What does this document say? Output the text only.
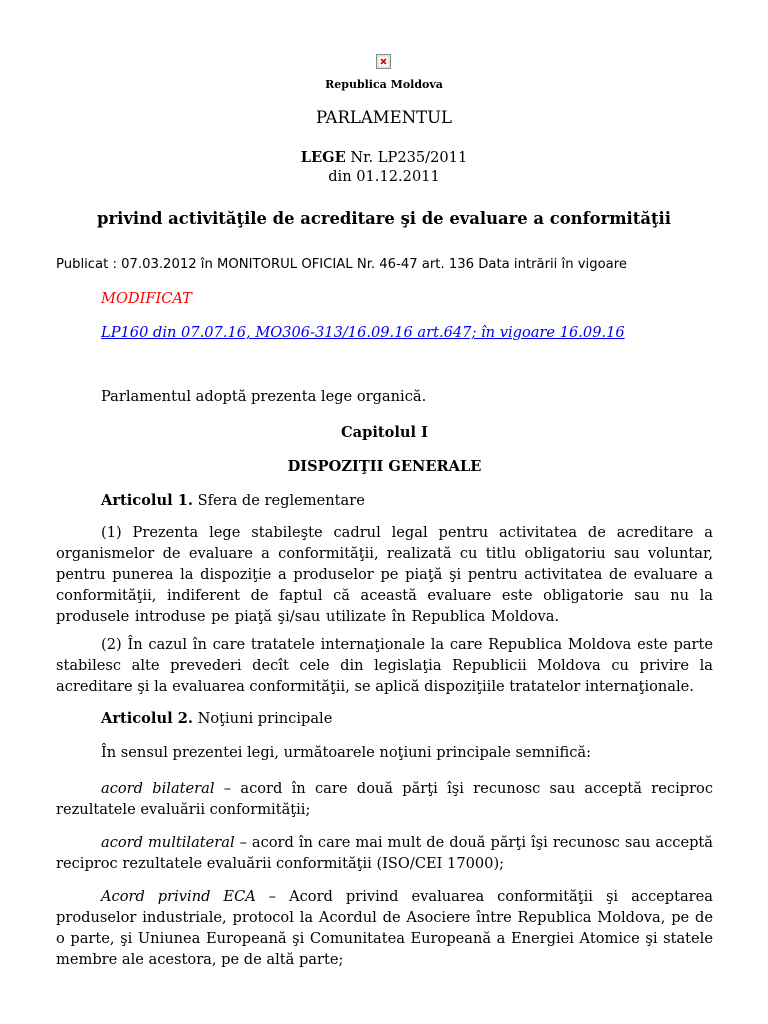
Republica Moldova
PARLAMENTUL
LEGE Nr. LP235/2011
din 01.12.2011
privind activităţile de acreditare şi de evaluare a conformităţii
Publicat : 07.03.2012 în MONITORUL OFICIAL Nr. 46-47 art. 136 Data intrării în vigoare
MODIFICAT
LP160 din 07.07.16, MO306-313/16.09.16 art.647; în vigoare 16.09.16
Parlamentul adoptă prezenta lege organică.
Capitolul I
DISPOZIŢII GENERALE
Articolul 1. Sfera de reglementare
(1) Prezenta lege stabileşte cadrul legal pentru activitatea de acreditare a organismelor de evaluare a conformităţii, realizată cu titlu obligatoriu sau voluntar, pentru punerea la dispoziţie a produselor pe piaţă şi pentru activitatea de evaluare a conformităţii, indiferent de faptul că această evaluare este obligatorie sau nu la produsele introduse pe piaţă şi/sau utilizate în Republica Moldova.
(2) În cazul în care tratatele internaţionale la care Republica Moldova este parte stabilesc alte prevederi decît cele din legislaţia Republicii Moldova cu privire la acreditare şi la evaluarea conformităţii, se aplică dispoziţiile tratatelor internaţionale.
Articolul 2. Noţiuni principale
În sensul prezentei legi, următoarele noţiuni principale semnifică:
acord bilateral – acord în care două părţi îşi recunosc sau acceptă reciproc rezultatele evaluării conformităţii;
acord multilateral – acord în care mai mult de două părţi îşi recunosc sau acceptă reciproc rezultatele evaluării conformităţii (ISO/CEI 17000);
Acord privind ECA – Acord privind evaluarea conformităţii şi acceptarea produselor industriale, protocol la Acordul de Asociere între Republica Moldova, pe de o parte, şi Uniunea Europeană şi Comunitatea Europeană a Energiei Atomice şi statele membre ale acestora, pe de altă parte;
